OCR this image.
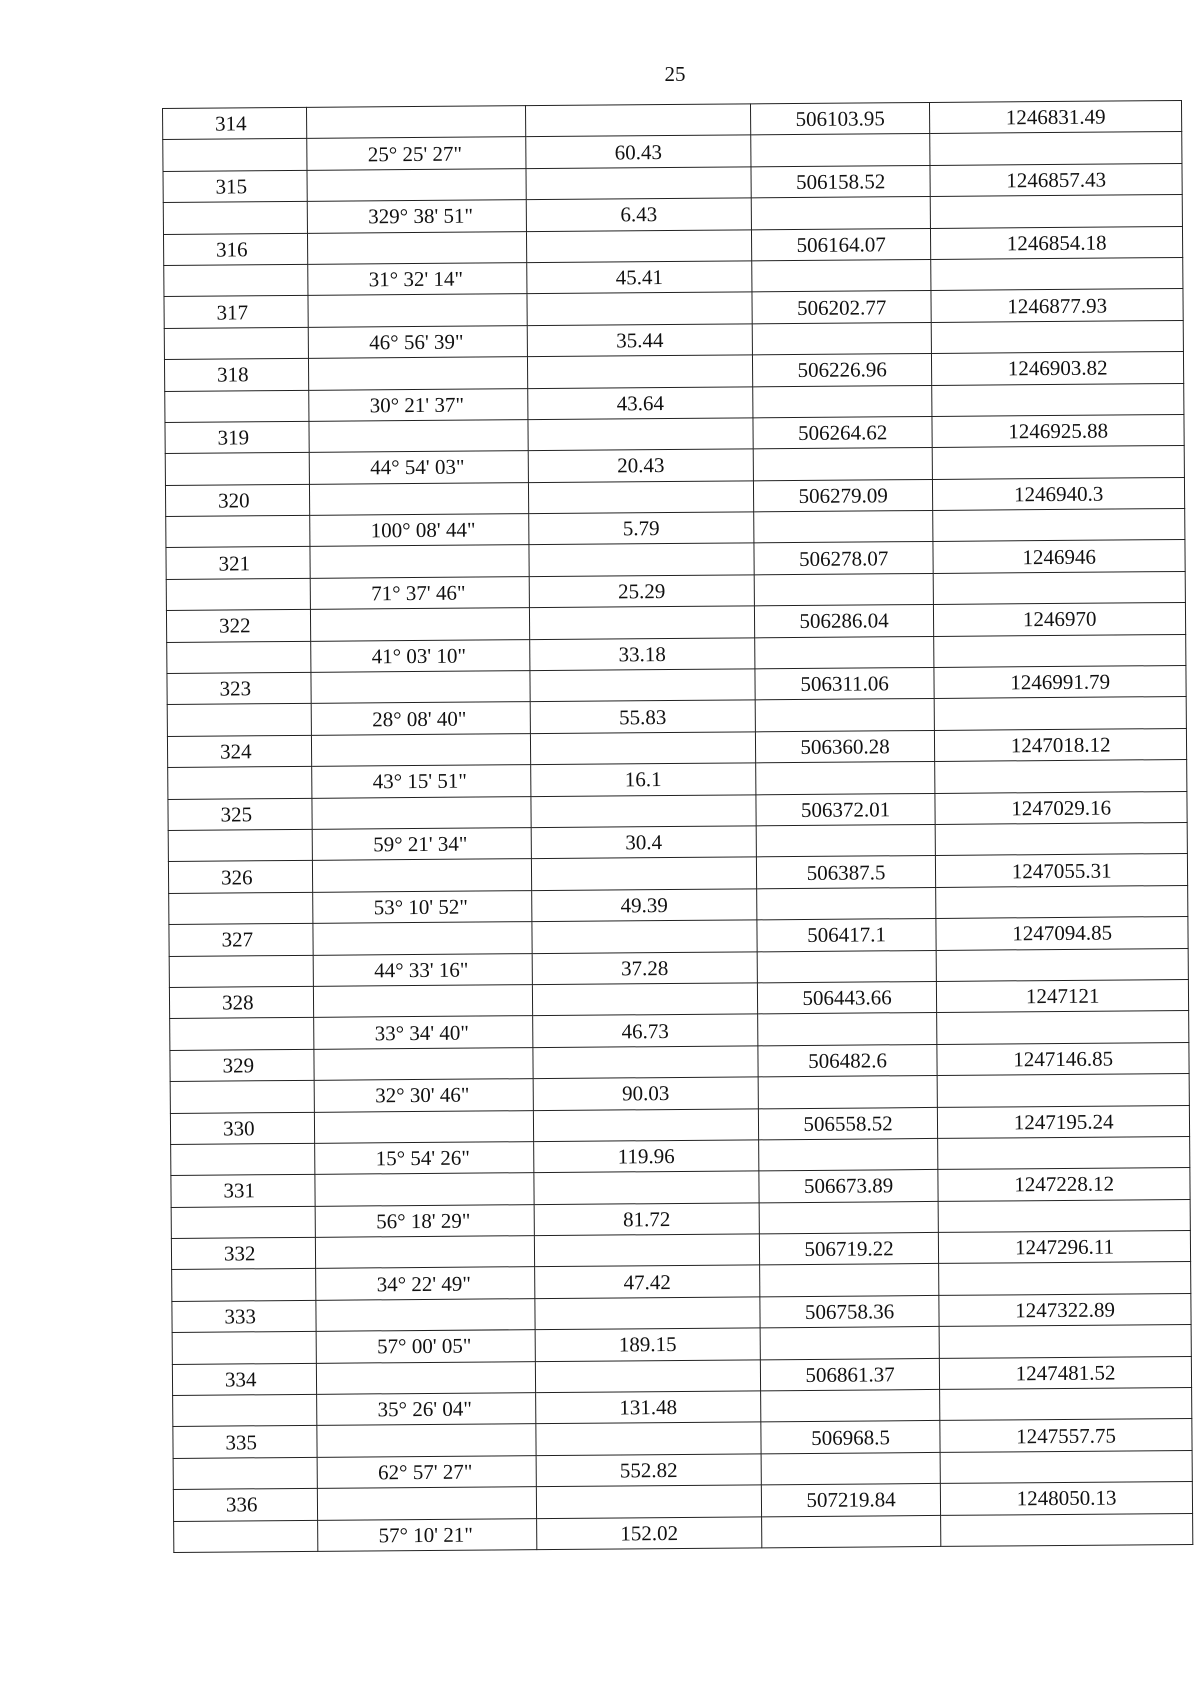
25
314			506103.95	1246831.49
	25° 25' 27"	60.43		
315			506158.52	1246857.43
	329° 38' 51"	6.43		
316			506164.07	1246854.18
	31° 32' 14"	45.41		
317			506202.77	1246877.93
	46° 56' 39"	35.44		
318			506226.96	1246903.82
	30° 21' 37"	43.64		
319			506264.62	1246925.88
	44° 54' 03"	20.43		
320			506279.09	1246940.3
	100° 08' 44"	5.79		
321			506278.07	1246946
	71° 37' 46"	25.29		
322			506286.04	1246970
	41° 03' 10"	33.18		
323			506311.06	1246991.79
	28° 08' 40"	55.83		
324			506360.28	1247018.12
	43° 15' 51"	16.1		
325			506372.01	1247029.16
	59° 21' 34"	30.4		
326			506387.5	1247055.31
	53° 10' 52"	49.39		
327			506417.1	1247094.85
	44° 33' 16"	37.28		
328			506443.66	1247121
	33° 34' 40"	46.73		
329			506482.6	1247146.85
	32° 30' 46"	90.03		
330			506558.52	1247195.24
	15° 54' 26"	119.96		
331			506673.89	1247228.12
	56° 18' 29"	81.72		
332			506719.22	1247296.11
	34° 22' 49"	47.42		
333			506758.36	1247322.89
	57° 00' 05"	189.15		
334			506861.37	1247481.52
	35° 26' 04"	131.48		
335			506968.5	1247557.75
	62° 57' 27"	552.82		
336			507219.84	1248050.13
	57° 10' 21"	152.02		
